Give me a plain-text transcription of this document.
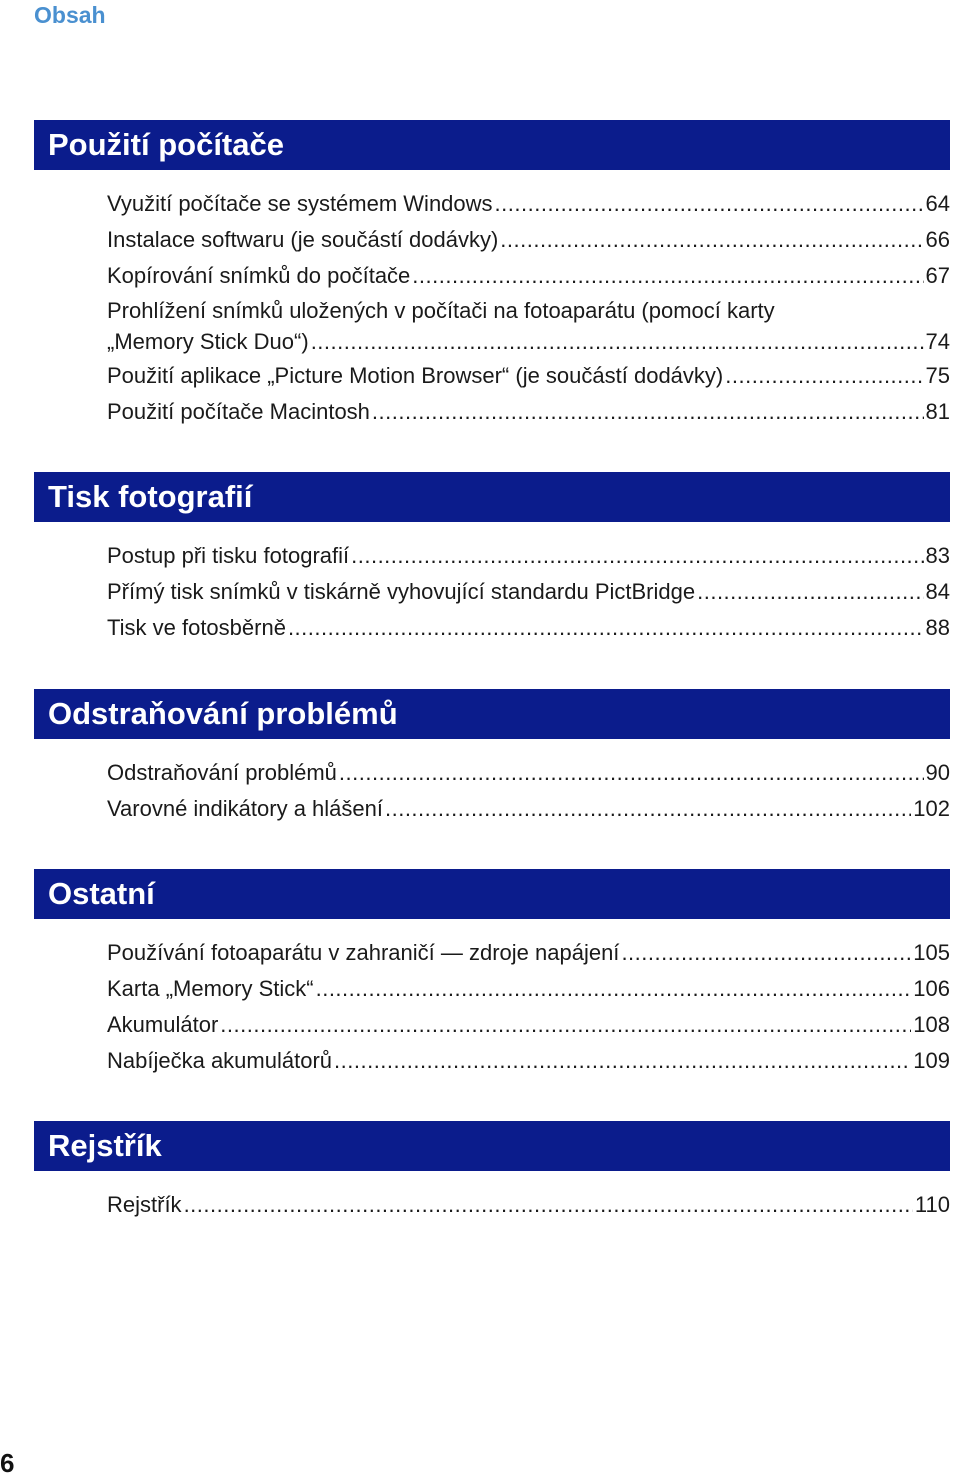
Obsah
Použití počítače
Využití počítače se systémem Windows .....	64
Instalace softwaru (je součástí dodávky) .....	66
Kopírování snímků do počítače .....	67
Prohlížení snímků uložených v počítači na fotoaparátu (pomocí karty
„Memory Stick Duo“) .....	74
Použití aplikace „Picture Motion Browser“ (je součástí dodávky) .....	75
Použití počítače Macintosh .....	81
Tisk fotografií
Postup při tisku fotografií .....	83
Přímý tisk snímků v tiskárně vyhovující standardu PictBridge .....	84
Tisk ve fotosběrně .....	88
Odstraňování problémů
Odstraňování problémů .....	90
Varovné indikátory a hlášení .....	102
Ostatní
Používání fotoaparátu v zahraničí — zdroje napájení .....	105
Karta „Memory Stick“ .....	106
Akumulátor .....	108
Nabíječka akumulátorů .....	109
Rejstřík
Rejstřík .....	110
6
